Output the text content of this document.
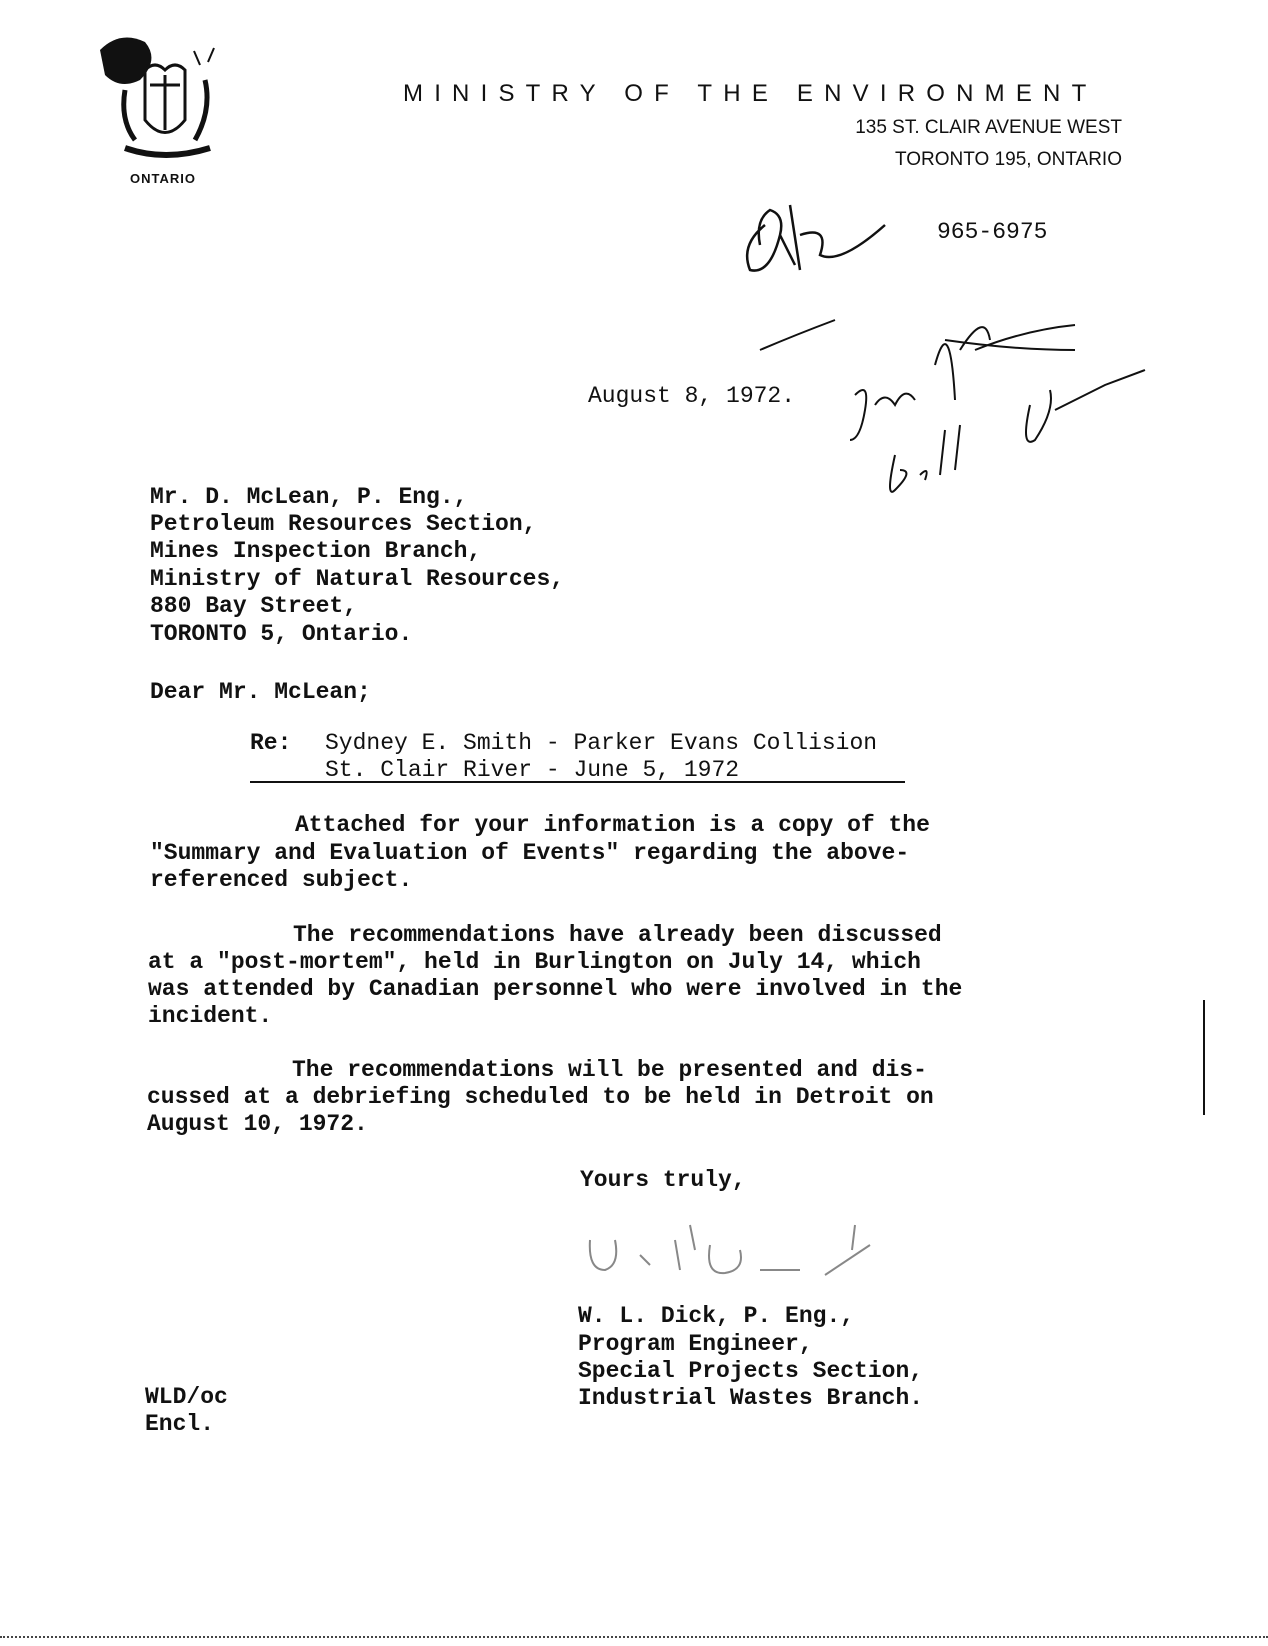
ONTARIO
MINISTRY OF THE ENVIRONMENT
135 ST. CLAIR AVENUE WEST
TORONTO 195, ONTARIO
965-6975
August 8, 1972.
Mr. D. McLean, P. Eng.,
Petroleum Resources Section,
Mines Inspection Branch,
Ministry of Natural Resources,
880 Bay Street,
TORONTO 5, Ontario.
Dear Mr. McLean;
Re: Sydney E. Smith - Parker Evans Collision
St. Clair River - June 5, 1972
Attached for your information is a copy of the
"Summary and Evaluation of Events" regarding the above-
referenced subject.
The recommendations have already been discussed
at a "post-mortem", held in Burlington on July 14, which
was attended by Canadian personnel who were involved in the
incident.
The recommendations will be presented and dis-
cussed at a debriefing scheduled to be held in Detroit on
August 10, 1972.
Yours truly,
W. L. Dick, P. Eng.,
Program Engineer,
Special Projects Section,
Industrial Wastes Branch.
WLD/oc
Encl.
